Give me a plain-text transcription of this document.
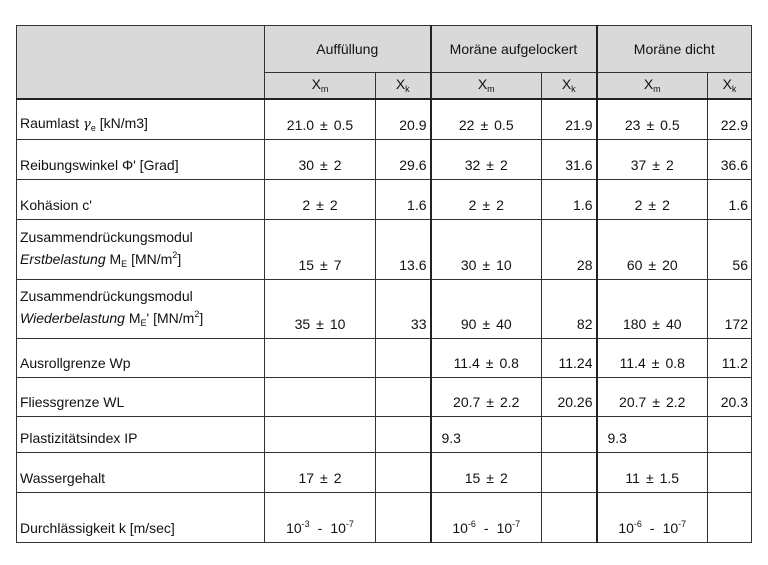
	Auffüllung		Moräne aufgelockert		Moräne dicht	
	$X_m$	$X_k$	$X_m$	$X_k$	$X_m$	$X_k$
Raumlast $\gamma_e$ [kN/m3]	21.0 ± 0.5	20.9	22 ± 0.5	21.9	23 ± 0.5	22.9
Reibungswinkel Φ' [Grad]	30 ± 2	29.6	32 ± 2	31.6	37 ± 2	36.6
Kohäsion c'	2 ± 2	1.6	2 ± 2	1.6	2 ± 2	1.6

Zusammendrückungsmodul
Erstbelastung $M_E$ $[MN/m^2]$	15 ± 7	13.6	30 ± 10	28	60 ± 20	56

Zusammendrückungsmodul
Wiederbelastung $M_E'$ $[MN/m^2]$	35 ± 10	33	90 ± 40	82	180 ± 40	172
Ausrollgrenze Wp			11.4 ± 0.8	11.24	11.4 ± 0.8	11.2
Fliessgrenze WL			20.7 ± 2.2	20.26	20.7 ± 2.2	20.3
Plastizitätsindex IP			9.3		9.3	
Wassergehalt	17 ± 2		15 ± 2		11 ± 1.5	
Durchlässigkeit k [m/sec]	$10^{-3} - 10^{-7}$		$10^{-6} - 10^{-7}$		$10^{-6} - 10^{-7}$	
